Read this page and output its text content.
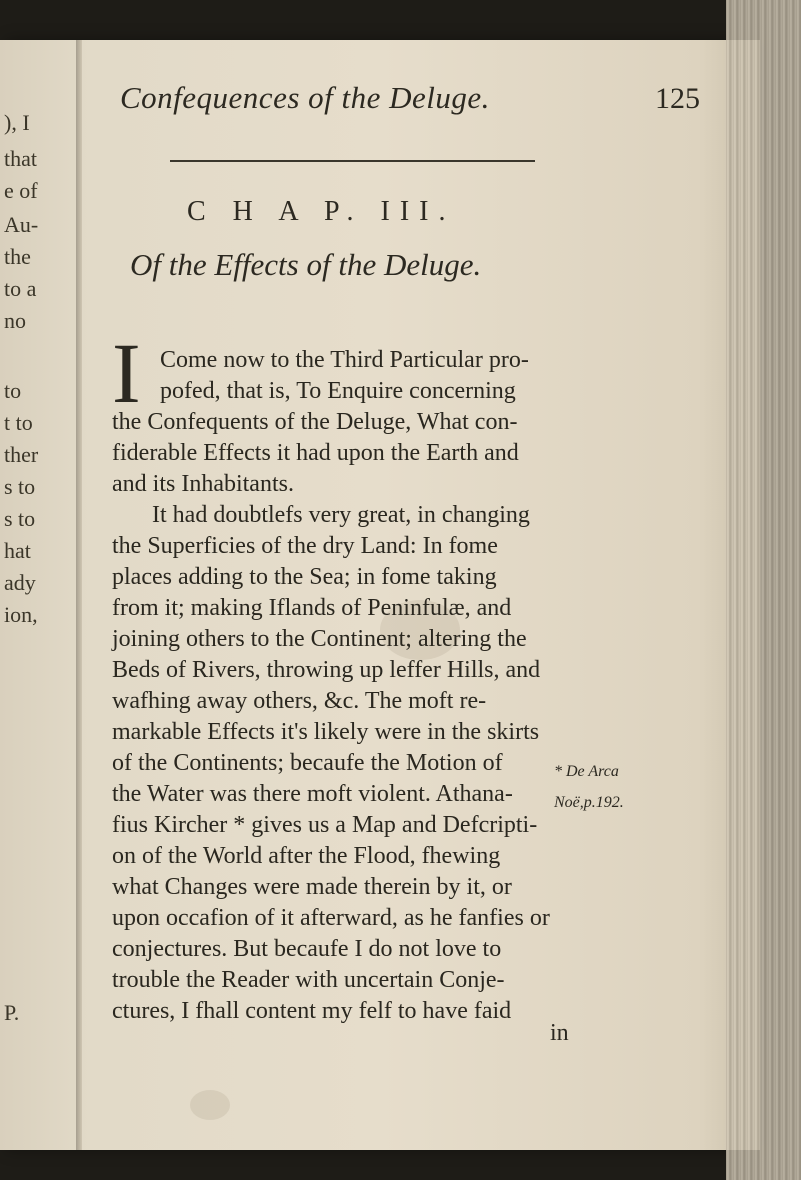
), I
that
e of
Au-
the
to a
no
to
t to
ther
s to
s to
hat
ady
ion,
P.
Confequences of the Deluge.	125
C H A P. III.
Of the Effects of the Deluge.
I Come now to the Third Particular pro-
pofed, that is, To Enquire concerning
the Confequents of the Deluge, What con-
fiderable Effects it had upon the Earth and
and its Inhabitants.
It had doubtlefs very great, in changing
the Superficies of the dry Land: In fome
places adding to the Sea; in fome taking
from it; making Iflands of Peninfulæ, and
joining others to the Continent; altering the
Beds of Rivers, throwing up leffer Hills, and
wafhing away others, &c. The moft re-
markable Effects it's likely were in the skirts
of the Continents; becaufe the Motion of
the Water was there moft violent. Athana-
fius Kircher * gives us a Map and Defcripti-
on of the World after the Flood, fhewing
what Changes were made therein by it, or
upon occafion of it afterward, as he fanfies or
conjectures. But becaufe I do not love to
trouble the Reader with uncertain Conje-
ctures, I fhall content my felf to have faid
* De Arca
Noë,p.192.
in
